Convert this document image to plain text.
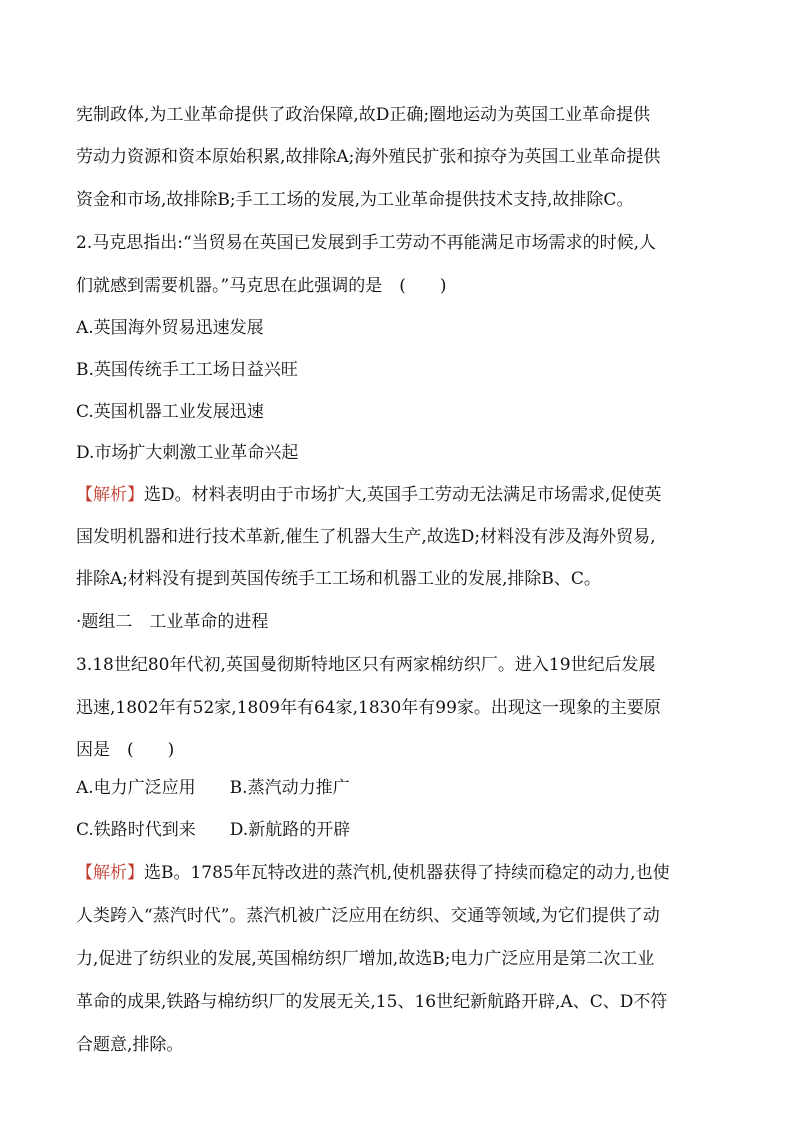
宪制政体,为工业革命提供了政治保障,故D正确;圈地运动为英国工业革命提供
劳动力资源和资本原始积累,故排除A;海外殖民扩张和掠夺为英国工业革命提供
资金和市场,故排除B;手工工场的发展,为工业革命提供技术支持,故排除C。
2.马克思指出:“当贸易在英国已发展到手工劳动不再能满足市场需求的时候,人
们就感到需要机器。”马克思在此强调的是　(　　)
A.英国海外贸易迅速发展
B.英国传统手工工场日益兴旺
C.英国机器工业发展迅速
D.市场扩大刺激工业革命兴起
【解析】选D。材料表明由于市场扩大,英国手工劳动无法满足市场需求,促使英
国发明机器和进行技术革新,催生了机器大生产,故选D;材料没有涉及海外贸易,
排除A;材料没有提到英国传统手工工场和机器工业的发展,排除B、C。
·题组二　工业革命的进程
3.18世纪80年代初,英国曼彻斯特地区只有两家棉纺织厂。进入19世纪后发展
迅速,1802年有52家,1809年有64家,1830年有99家。出现这一现象的主要原
因是　(　　)
A.电力广泛应用　　B.蒸汽动力推广
C.铁路时代到来　　D.新航路的开辟
【解析】选B。1785年瓦特改进的蒸汽机,使机器获得了持续而稳定的动力,也使
人类跨入“蒸汽时代”。蒸汽机被广泛应用在纺织、交通等领域,为它们提供了动
力,促进了纺织业的发展,英国棉纺织厂增加,故选B;电力广泛应用是第二次工业
革命的成果,铁路与棉纺织厂的发展无关,15、16世纪新航路开辟,A、C、D不符
合题意,排除。
